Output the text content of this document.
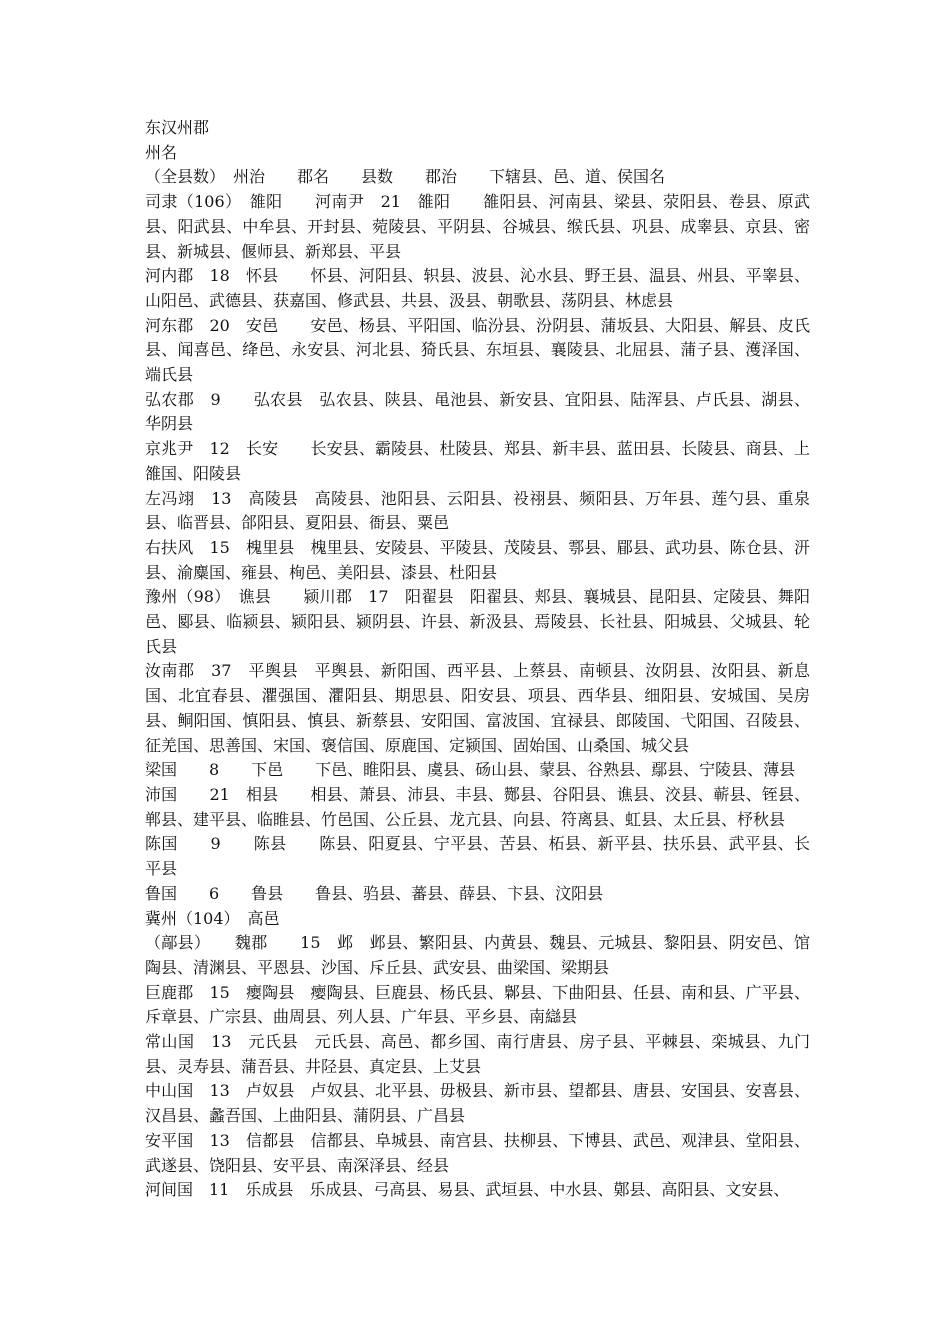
东汉州郡
州名
（全县数）　州治　　郡名　　县数　　郡治　　下辖县、邑、道、侯国名
司隶（106）　雒阳　　河南尹　21　雒阳　　雒阳县、河南县、梁县、荥阳县、卷县、原武县、阳武县、中牟县、开封县、菀陵县、平阴县、谷城县、缑氏县、巩县、成睾县、京县、密县、新城县、偃师县、新郑县、平县
河内郡　18　怀县　　怀县、河阳县、轵县、波县、沁水县、野王县、温县、州县、平睾县、山阳邑、武德县、获嘉国、修武县、共县、汲县、朝歌县、荡阴县、林虑县
河东郡　20　安邑　　安邑、杨县、平阳国、临汾县、汾阴县、蒲坂县、大阳县、解县、皮氏县、闻喜邑、绛邑、永安县、河北县、猗氏县、东垣县、襄陵县、北屈县、蒲子县、濩泽国、端氏县
弘农郡　9　　弘农县　弘农县、陕县、黾池县、新安县、宜阳县、陆浑县、卢氏县、湖县、华阴县
京兆尹　12　长安　　长安县、霸陵县、杜陵县、郑县、新丰县、蓝田县、长陵县、商县、上雒国、阳陵县
左冯翊　13　高陵县　高陵县、池阳县、云阳县、祋祤县、频阳县、万年县、莲勺县、重泉县、临晋县、郃阳县、夏阳县、衙县、粟邑
右扶风　15　槐里县　槐里县、安陵县、平陵县、茂陵县、鄠县、郿县、武功县、陈仓县、汧县、渝麋国、雍县、栒邑、美阳县、漆县、杜阳县
豫州（98）　谯县　　颍川郡　17　阳翟县　阳翟县、郏县、襄城县、昆阳县、定陵县、舞阳邑、郾县、临颍县、颍阳县、颍阴县、许县、新汲县、焉陵县、长社县、阳城县、父城县、轮氏县
汝南郡　37　平舆县　平舆县、新阳国、西平县、上蔡县、南顿县、汝阴县、汝阳县、新息国、北宜春县、灈强国、灈阳县、期思县、阳安县、项县、西华县、细阳县、安城国、吴房县、鲖阳国、慎阳县、慎县、新蔡县、安阳国、富波国、宜禄县、郎陵国、弋阳国、召陵县、征羌国、思善国、宋国、褒信国、原鹿国、定颍国、固始国、山桑国、城父县
梁国　　8　　下邑　　下邑、睢阳县、虞县、砀山县、蒙县、谷熟县、鄢县、宁陵县、薄县
沛国　　21　相县　　相县、萧县、沛县、丰县、酂县、谷阳县、谯县、洨县、蕲县、铚县、郸县、建平县、临睢县、竹邑国、公丘县、龙亢县、向县、符离县、虹县、太丘县、杼秋县
陈国　　9　　陈县　　陈县、阳夏县、宁平县、苦县、柘县、新平县、扶乐县、武平县、长平县
鲁国　　6　　鲁县　　鲁县、驺县、蕃县、薛县、卞县、汶阳县
冀州（104）　高邑
（鄗县）　　魏郡　　15　邺　邺县、繁阳县、内黄县、魏县、元城县、黎阳县、阴安邑、馆陶县、清渊县、平恩县、沙国、斥丘县、武安县、曲梁国、梁期县
巨鹿郡　15　瘿陶县　瘿陶县、巨鹿县、杨氏县、鄡县、下曲阳县、任县、南和县、广平县、斥章县、广宗县、曲周县、列人县、广年县、平乡县、南䜌县
常山国　13　元氏县　元氏县、高邑、都乡国、南行唐县、房子县、平棘县、栾城县、九门县、灵寿县、蒲吾县、井陉县、真定县、上艾县
中山国　13　卢奴县　卢奴县、北平县、毋极县、新市县、望都县、唐县、安国县、安喜县、汉昌县、蠡吾国、上曲阳县、蒲阴县、广昌县
安平国　13　信都县　信都县、阜城县、南宫县、扶柳县、下博县、武邑、观津县、堂阳县、武遂县、饶阳县、安平县、南深泽县、经县
河间国　11　乐成县　乐成县、弓高县、易县、武垣县、中水县、鄚县、高阳县、文安县、
